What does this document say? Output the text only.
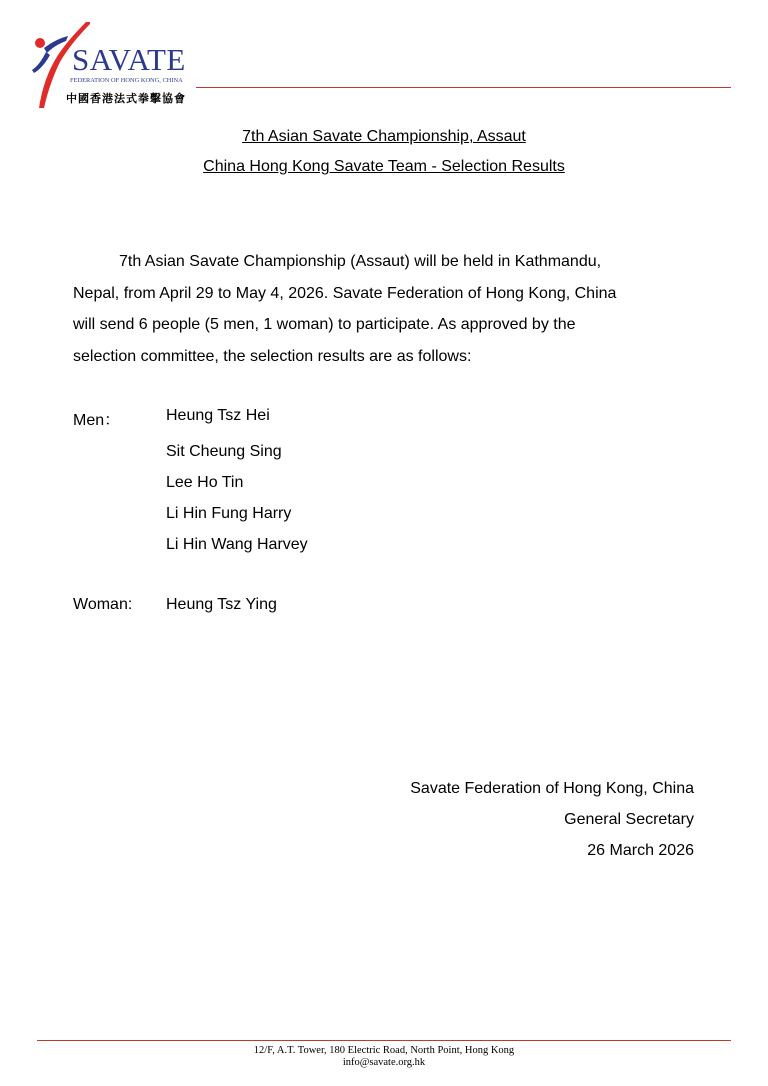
SAVATE
FEDERATION OF HONG KONG, CHINA
中國香港法式拳擊協會
7th Asian Savate Championship, Assaut
China Hong Kong Savate Team - Selection Results
7th Asian Savate Championship (Assaut) will be held in Kathmandu,
Nepal, from April 29 to May 4, 2026. Savate Federation of Hong Kong, China
will send 6 people (5 men, 1 woman) to participate. As approved by the
selection committee, the selection results are as follows:
Men：	Heung Tsz Hei
Sit Cheung Sing
Lee Ho Tin
Li Hin Fung Harry
Li Hin Wang Harvey
Woman: Heung Tsz Ying
Savate Federation of Hong Kong, China
General Secretary
26 March 2026
12/F, A.T. Tower, 180 Electric Road, North Point, Hong Kong
info@savate.org.hk
